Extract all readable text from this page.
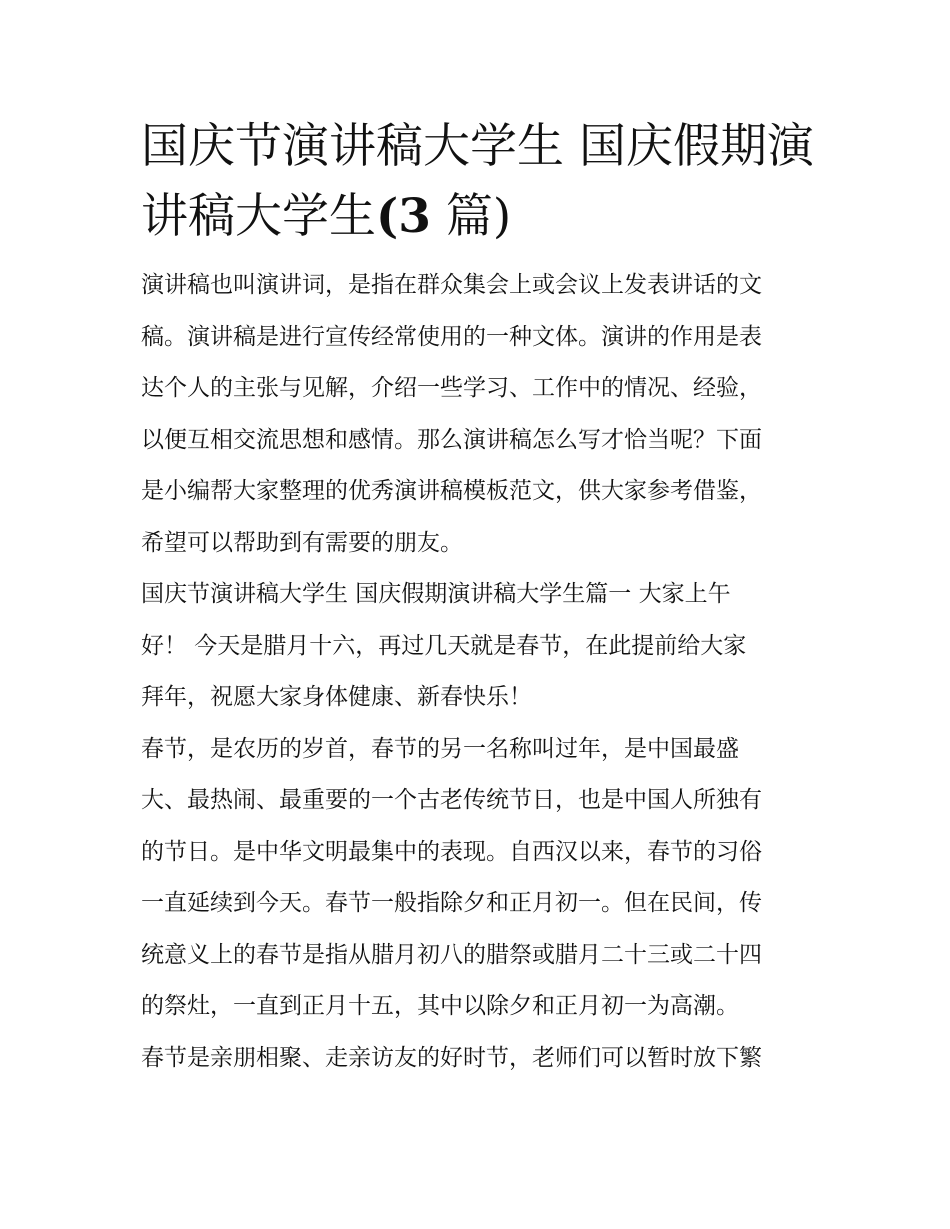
国庆节演讲稿大学生 国庆假期演讲稿大学生(3 篇)

演讲稿也叫演讲词，是指在群众集会上或会议上发表讲话的文
稿。演讲稿是进行宣传经常使用的一种文体。演讲的作用是表
达个人的主张与见解，介绍一些学习、工作中的情况、经验，
以便互相交流思想和感情。那么演讲稿怎么写才恰当呢？下面
是小编帮大家整理的优秀演讲稿模板范文，供大家参考借鉴，
希望可以帮助到有需要的朋友。

国庆节演讲稿大学生 国庆假期演讲稿大学生篇一 大家上午
好！ 今天是腊月十六，再过几天就是春节，在此提前给大家
拜年，祝愿大家身体健康、新春快乐！

春节，是农历的岁首，春节的另一名称叫过年，是中国最盛
大、最热闹、最重要的一个古老传统节日，也是中国人所独有
的节日。是中华文明最集中的表现。自西汉以来，春节的习俗
一直延续到今天。春节一般指除夕和正月初一。但在民间，传
统意义上的春节是指从腊月初八的腊祭或腊月二十三或二十四
的祭灶，一直到正月十五，其中以除夕和正月初一为高潮。

春节是亲朋相聚、走亲访友的好时节，老师们可以暂时放下繁
